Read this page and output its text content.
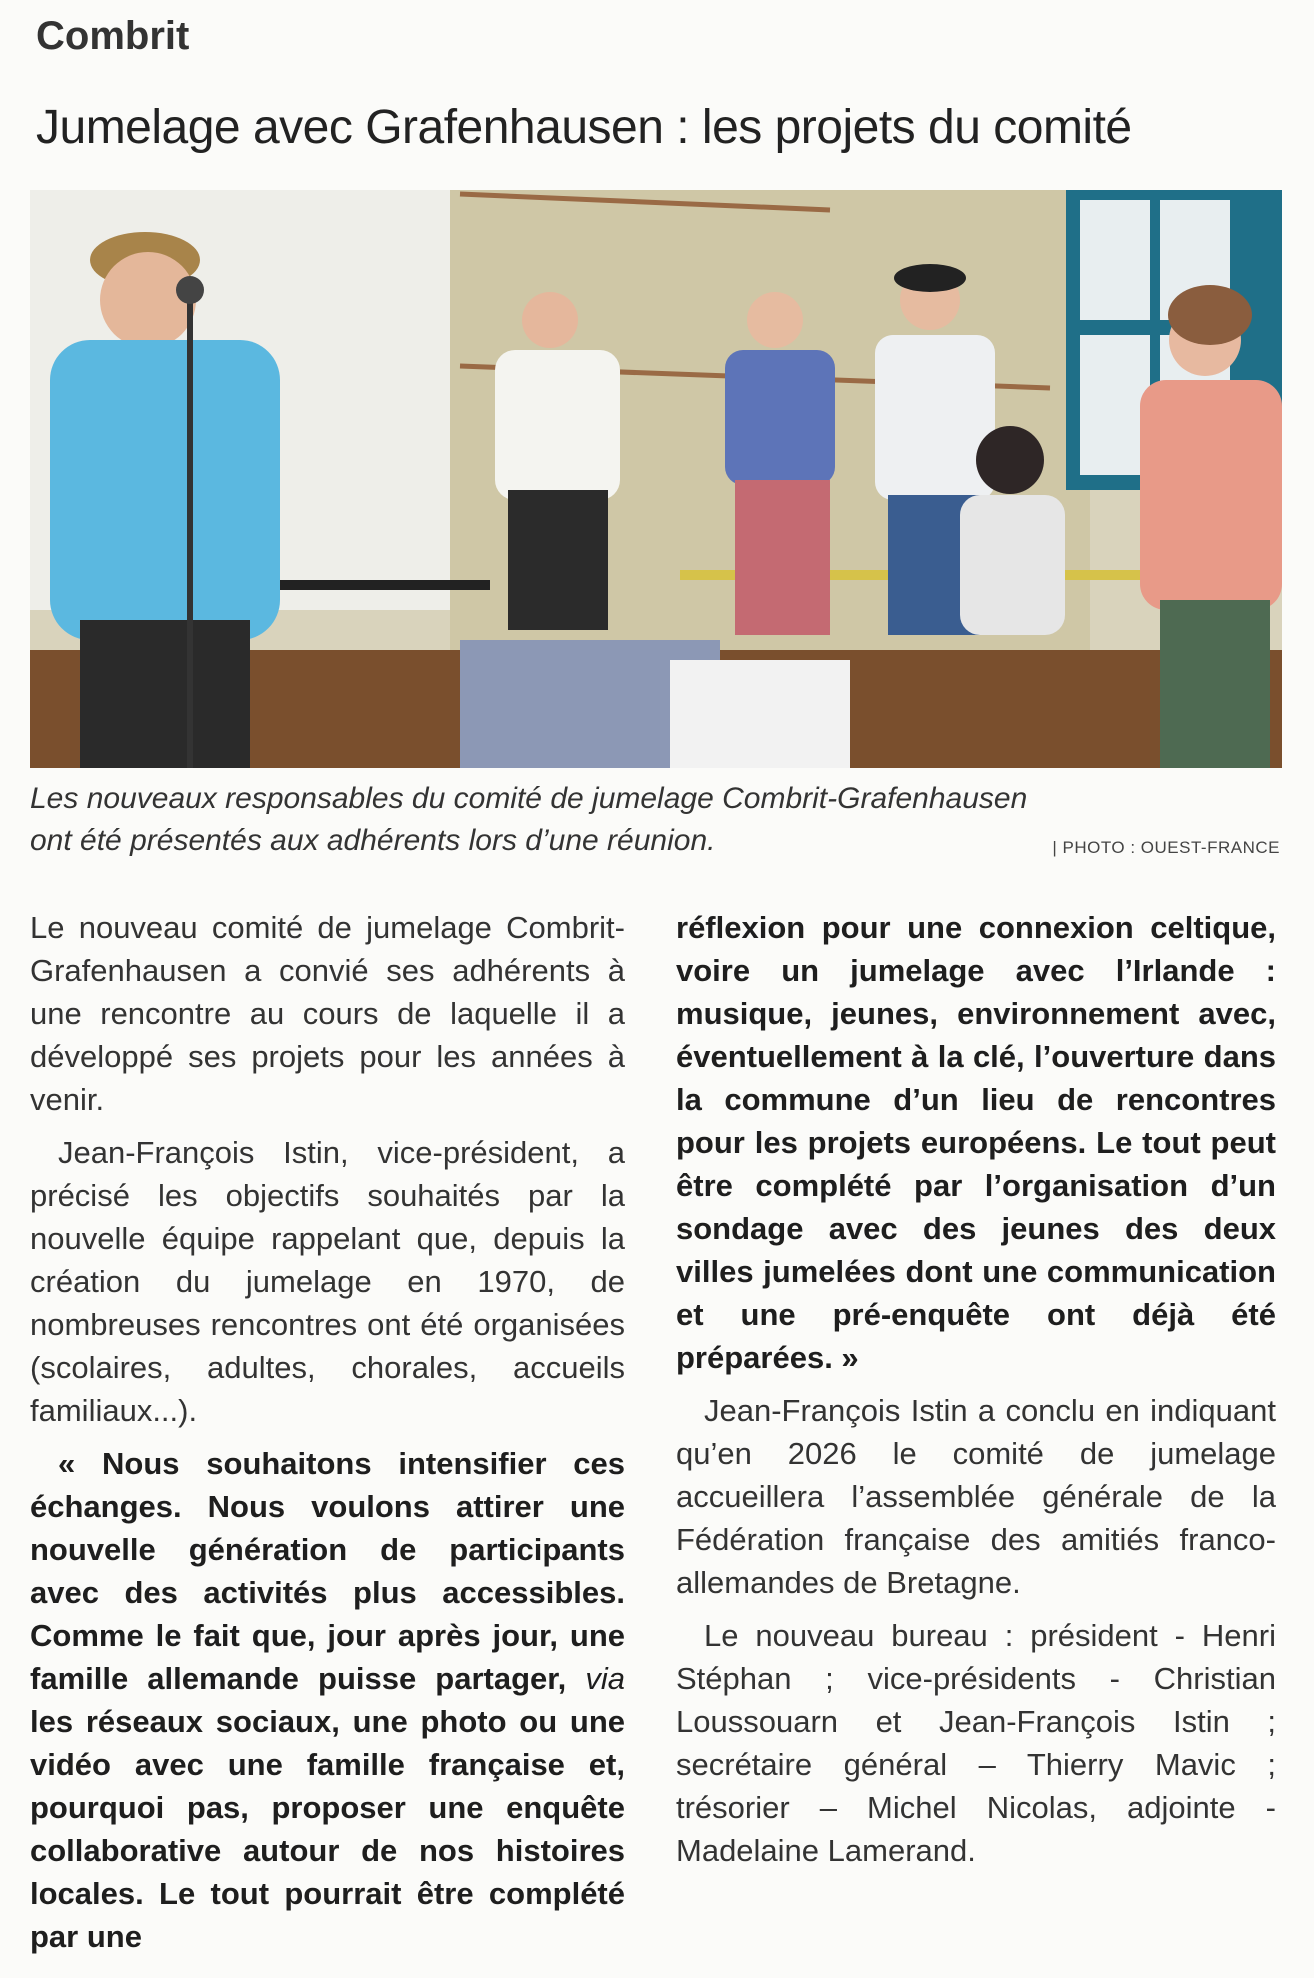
Combrit
Jumelage avec Grafenhausen : les projets du comité
Les nouveaux responsables du comité de jumelage Combrit-Grafenhausen
ont été présentés aux adhérents lors d’une réunion.	| PHOTO : OUEST-FRANCE

Le nouveau comité de jumelage Combrit-Grafenhausen a convié ses adhérents à une rencontre au cours de laquelle il a développé ses projets pour les années à venir.

Jean-François Istin, vice-président, a précisé les objectifs souhaités par la nouvelle équipe rappelant que, depuis la création du jumelage en 1970, de nombreuses rencontres ont été organisées (scolaires, adultes, chorales, accueils familiaux...).

« Nous souhaitons intensifier ces échanges. Nous voulons attirer une nouvelle génération de participants avec des activités plus accessibles. Comme le fait que, jour après jour, une famille allemande puisse partager, via les réseaux sociaux, une photo ou une vidéo avec une famille française et, pourquoi pas, proposer une enquête collaborative autour de nos histoires locales. Le tout pourrait être complété par une

réflexion pour une connexion celtique, voire un jumelage avec l’Irlande : musique, jeunes, environnement avec, éventuellement à la clé, l’ouverture dans la commune d’un lieu de rencontres pour les projets européens. Le tout peut être complété par l’organisation d’un sondage avec des jeunes des deux villes jumelées dont une communication et une pré-enquête ont déjà été préparées. »

Jean-François Istin a conclu en indiquant qu’en 2026 le comité de jumelage accueillera l’assemblée générale de la Fédération française des amitiés franco-allemandes de Bretagne.

Le nouveau bureau : président - Henri Stéphan ; vice-présidents - Christian Loussouarn et Jean-François Istin ; secrétaire général – Thierry Mavic ; trésorier – Michel Nicolas, adjointe - Madelaine Lamerand.
